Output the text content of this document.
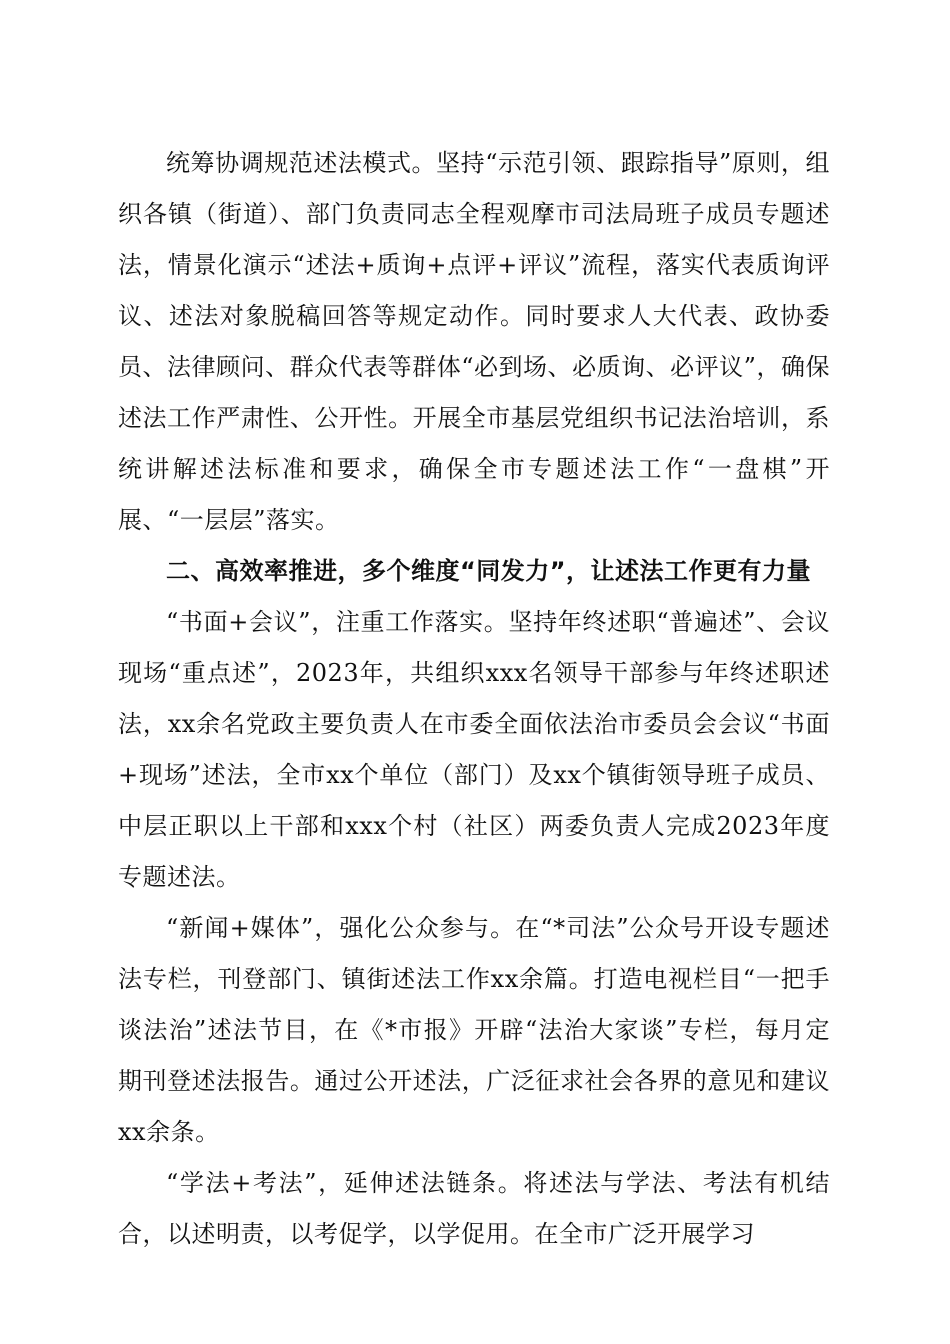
统筹协调规范述法模式。坚持“示范引领、跟踪指导”原则，组织各镇（街道）、部门负责同志全程观摩市司法局班子成员专题述法，情景化演示“述法+质询+点评+评议”流程，落实代表质询评议、述法对象脱稿回答等规定动作。同时要求人大代表、政协委员、法律顾问、群众代表等群体“必到场、必质询、必评议”，确保述法工作严肃性、公开性。开展全市基层党组织书记法治培训，系统讲解述法标准和要求，确保全市专题述法工作“一盘棋”开展、“一层层”落实。

二、高效率推进，多个维度“同发力”，让述法工作更有力量

“书面+会议”，注重工作落实。坚持年终述职“普遍述”、会议现场“重点述”，2023年，共组织xxx名领导干部参与年终述职述法，xx余名党政主要负责人在市委全面依法治市委员会会议“书面+现场”述法，全市xx个单位（部门）及xx个镇街领导班子成员、中层正职以上干部和xxx个村（社区）两委负责人完成2023年度专题述法。

“新闻+媒体”，强化公众参与。在“*司法”公众号开设专题述法专栏，刊登部门、镇街述法工作xx余篇。打造电视栏目“一把手谈法治”述法节目，在《*市报》开辟“法治大家谈”专栏，每月定期刊登述法报告。通过公开述法，广泛征求社会各界的意见和建议xx余条。

“学法+考法”，延伸述法链条。将述法与学法、考法有机结合，以述明责，以考促学，以学促用。在全市广泛开展学习
